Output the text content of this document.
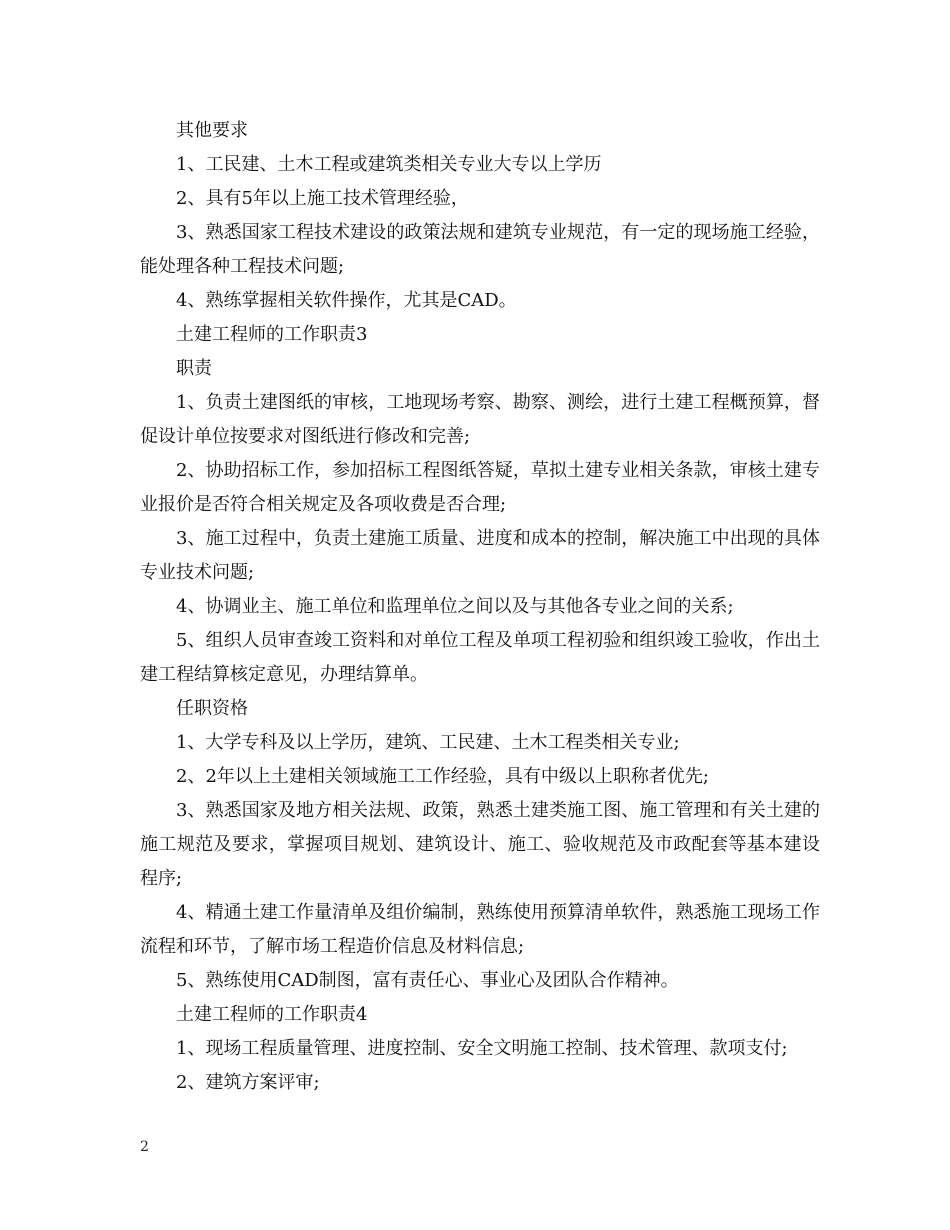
其他要求

1、工民建、土木工程或建筑类相关专业大专以上学历

2、具有5年以上施工技术管理经验，

3、熟悉国家工程技术建设的政策法规和建筑专业规范，有一定的现场施工经验，能处理各种工程技术问题;

4、熟练掌握相关软件操作，尤其是CAD。

土建工程师的工作职责3

职责

1、负责土建图纸的审核，工地现场考察、勘察、测绘，进行土建工程概预算，督促设计单位按要求对图纸进行修改和完善;

2、协助招标工作，参加招标工程图纸答疑，草拟土建专业相关条款，审核土建专业报价是否符合相关规定及各项收费是否合理;

3、施工过程中，负责土建施工质量、进度和成本的控制，解决施工中出现的具体专业技术问题;

4、协调业主、施工单位和监理单位之间以及与其他各专业之间的关系;

5、组织人员审查竣工资料和对单位工程及单项工程初验和组织竣工验收，作出土建工程结算核定意见，办理结算单。

任职资格

1、大学专科及以上学历，建筑、工民建、土木工程类相关专业;

2、2年以上土建相关领域施工工作经验，具有中级以上职称者优先;

3、熟悉国家及地方相关法规、政策，熟悉土建类施工图、施工管理和有关土建的施工规范及要求，掌握项目规划、建筑设计、施工、验收规范及市政配套等基本建设程序;

4、精通土建工作量清单及组价编制，熟练使用预算清单软件，熟悉施工现场工作流程和环节，了解市场工程造价信息及材料信息;

5、熟练使用CAD制图，富有责任心、事业心及团队合作精神。

土建工程师的工作职责4

1、现场工程质量管理、进度控制、安全文明施工控制、技术管理、款项支付;

2、建筑方案评审;

2
